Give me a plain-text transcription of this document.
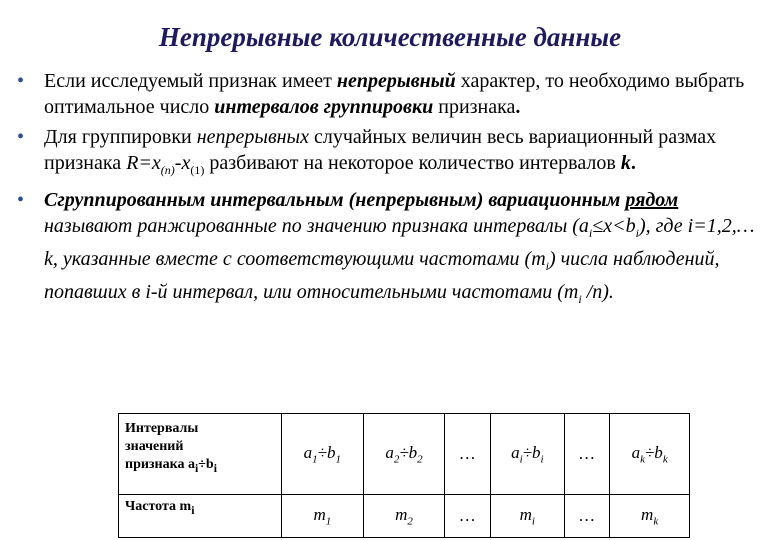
Непрерывные количественные данные
• Если исследуемый признак имеет непрерывный характер, то необходимо выбрать оптимальное число интервалов группировки признака.
• Для группировки непрерывных случайных величин весь вариационный размах признака $R=x_{(n)}-x_{(1)}$ разбивают на некоторое количество интервалов k.
• Сгруппированным интервальным (непрерывным) вариационным рядом называют ранжированные по значению признака интервалы $(a_i\le x<b_i)$, где i=1,2,…k, указанные вместе с соответствующими частотами $(m_i)$ числа наблюдений, попавших в i-й интервал, или относительными частотами ($m_i$ /n).
Интервалы
значений
признака $a_i\div b_i$	$a_1\div b_1$	$a_2\div b_2$	…	$a_i\div b_i$	…	$a_k\div b_k$
Частота $m_i$	$m_1$	$m_2$	…	$m_i$	…	$m_k$
